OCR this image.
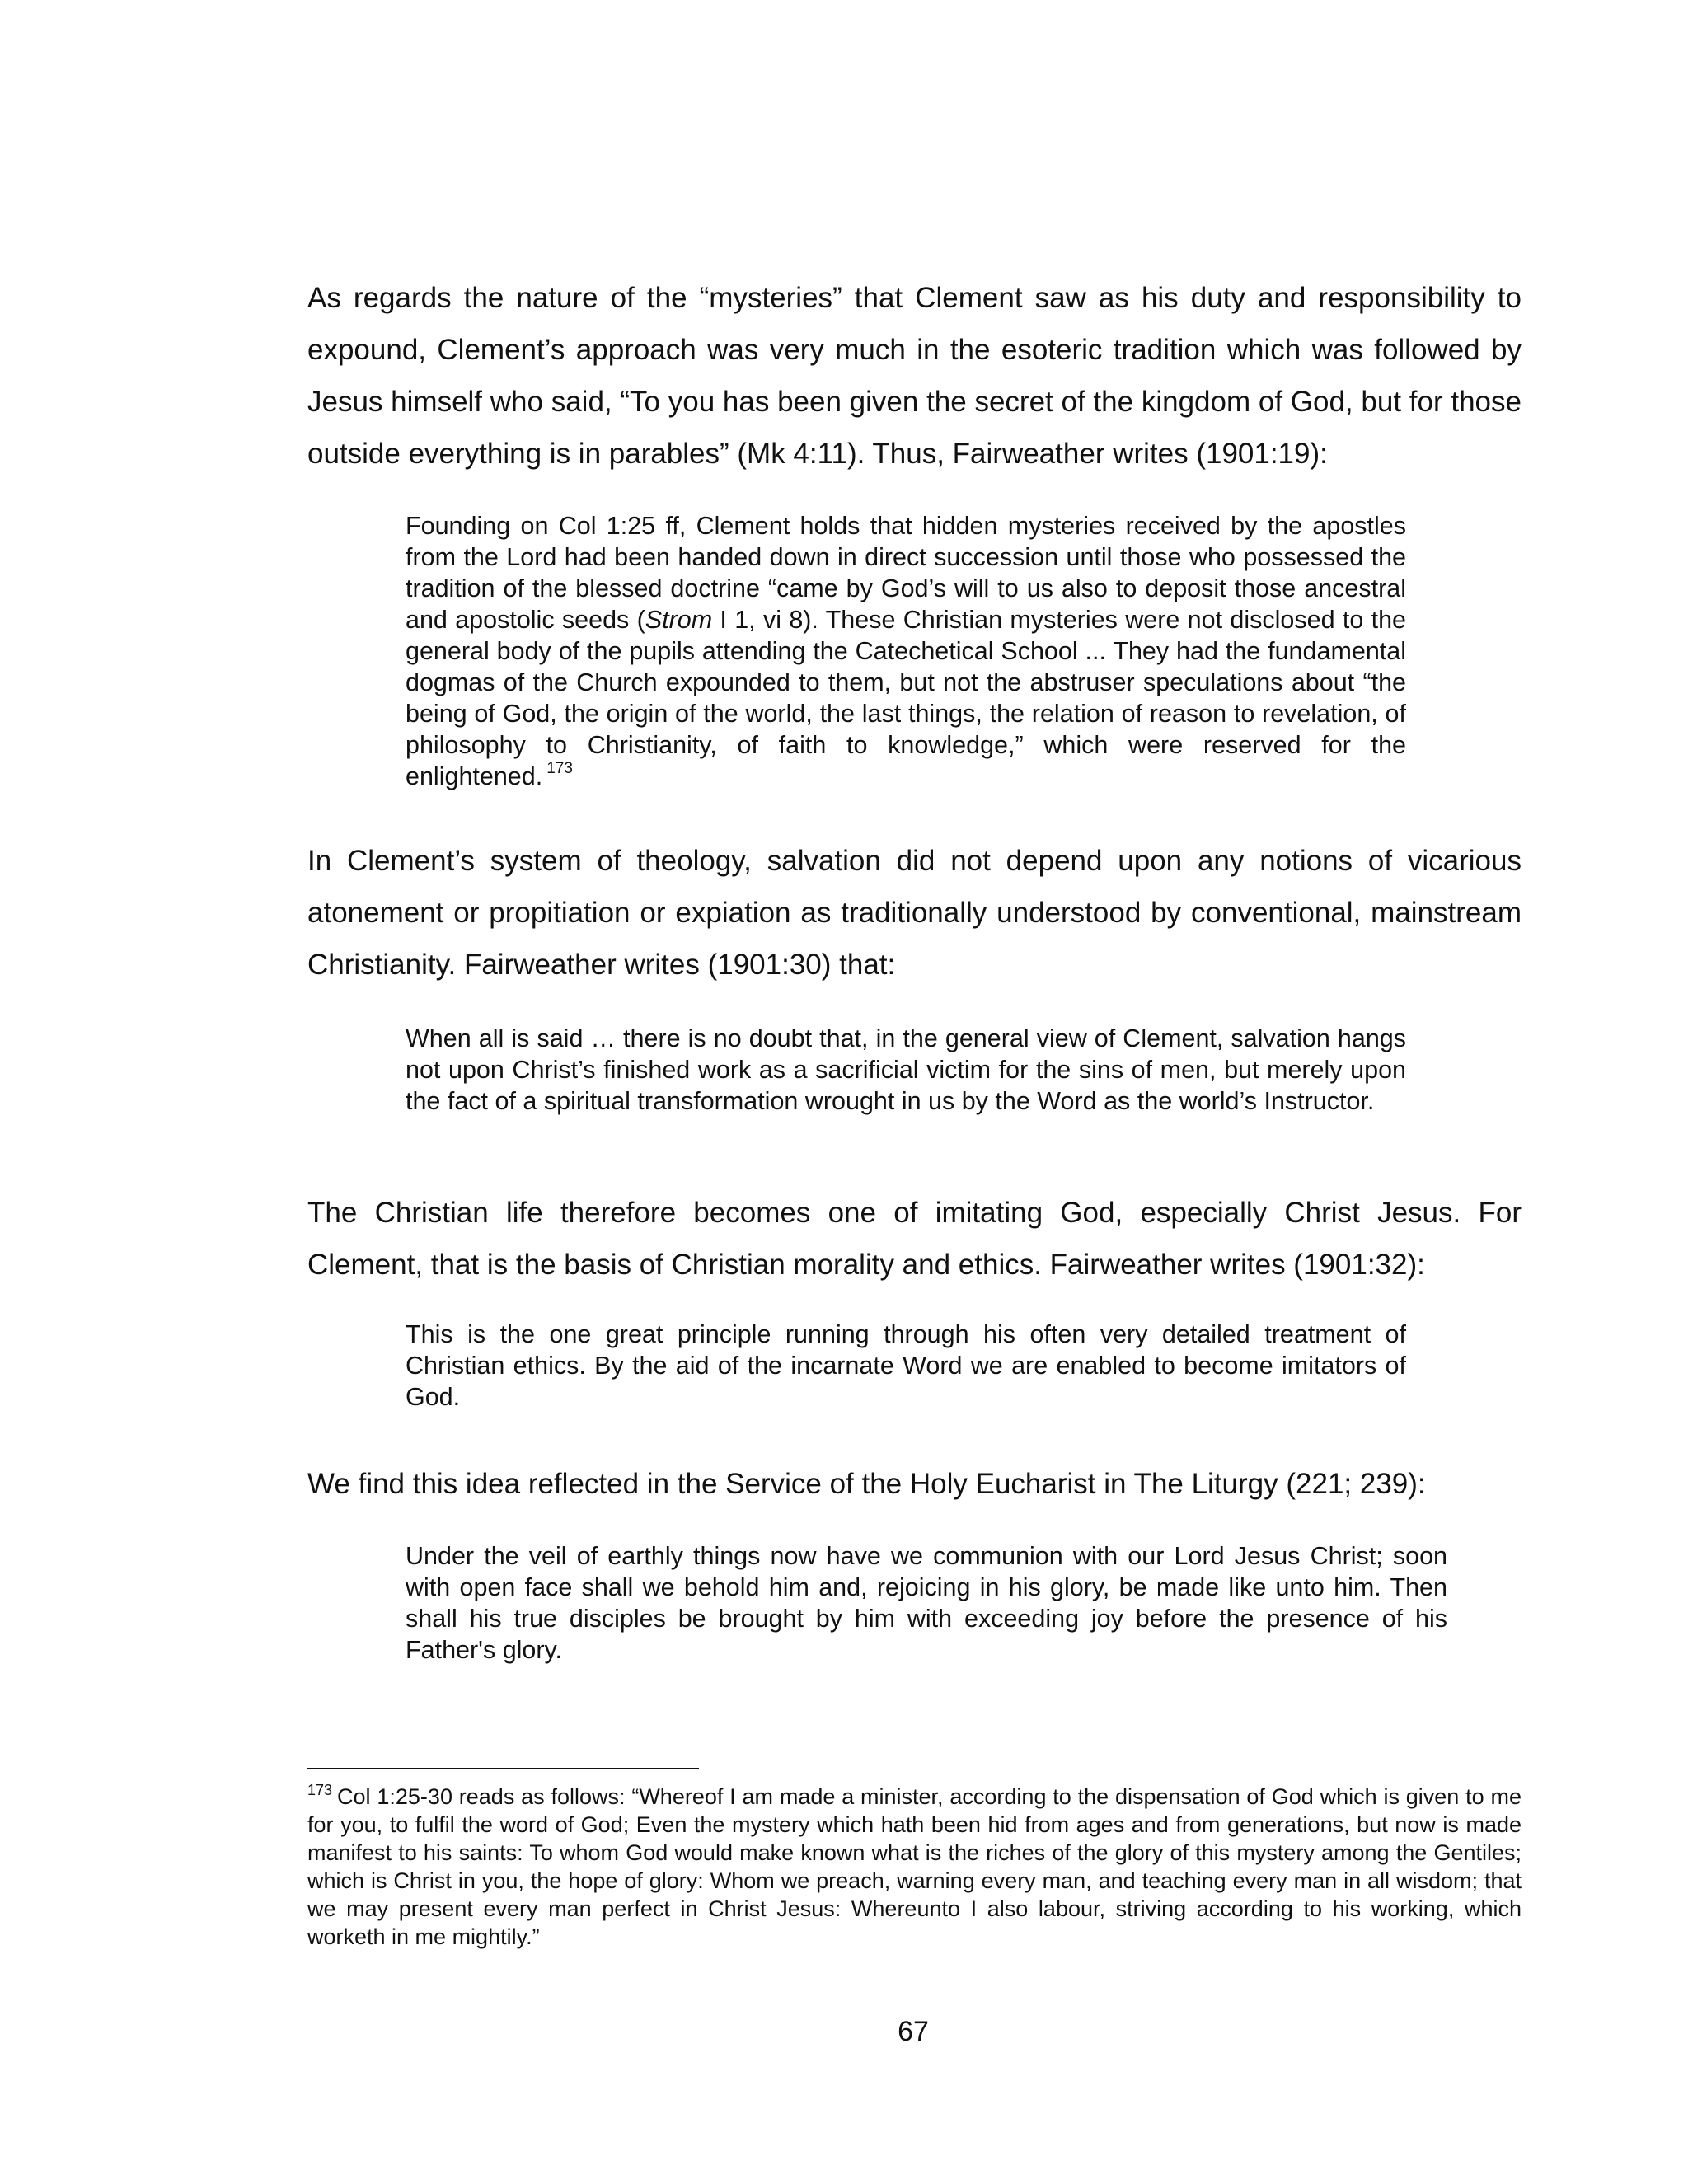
As regards the nature of the “mysteries” that Clement saw as his duty and responsibility to expound, Clement’s approach was very much in the esoteric tradition which was followed by Jesus himself who said, “To you has been given the secret of the kingdom of God, but for those outside everything is in parables” (Mk 4:11). Thus, Fairweather writes (1901:19):

Founding on Col 1:25 ff, Clement holds that hidden mysteries received by the apostles from the Lord had been handed down in direct succession until those who possessed the tradition of the blessed doctrine “came by God’s will to us also to deposit those ancestral and apostolic seeds (Strom I 1, vi 8). These Christian mysteries were not disclosed to the general body of the pupils attending the Catechetical School ... They had the fundamental dogmas of the Church expounded to them, but not the abstruser speculations about “the being of God, the origin of the world, the last things, the relation of reason to revelation, of philosophy to Christianity, of faith to knowledge,” which were reserved for the enlightened. $^{173}$

In Clement’s system of theology, salvation did not depend upon any notions of vicarious atonement or propitiation or expiation as traditionally understood by conventional, mainstream Christianity. Fairweather writes (1901:30) that:

When all is said … there is no doubt that, in the general view of Clement, salvation hangs not upon Christ’s finished work as a sacrificial victim for the sins of men, but merely upon the fact of a spiritual transformation wrought in us by the Word as the world’s Instructor.

The Christian life therefore becomes one of imitating God, especially Christ Jesus. For Clement, that is the basis of Christian morality and ethics. Fairweather writes (1901:32):

This is the one great principle running through his often very detailed treatment of Christian ethics. By the aid of the incarnate Word we are enabled to become imitators of God.

We find this idea reflected in the Service of the Holy Eucharist in The Liturgy (221; 239):

Under the veil of earthly things now have we communion with our Lord Jesus Christ; soon with open face shall we behold him and, rejoicing in his glory, be made like unto him. Then shall his true disciples be brought by him with exceeding joy before the presence of his Father's glory.

$^{173}$ Col 1:25-30 reads as follows: “Whereof I am made a minister, according to the dispensation of God which is given to me for you, to fulfil the word of God; Even the mystery which hath been hid from ages and from generations, but now is made manifest to his saints: To whom God would make known what is the riches of the glory of this mystery among the Gentiles; which is Christ in you, the hope of glory: Whom we preach, warning every man, and teaching every man in all wisdom; that we may present every man perfect in Christ Jesus: Whereunto I also labour, striving according to his working, which worketh in me mightily.”

67
